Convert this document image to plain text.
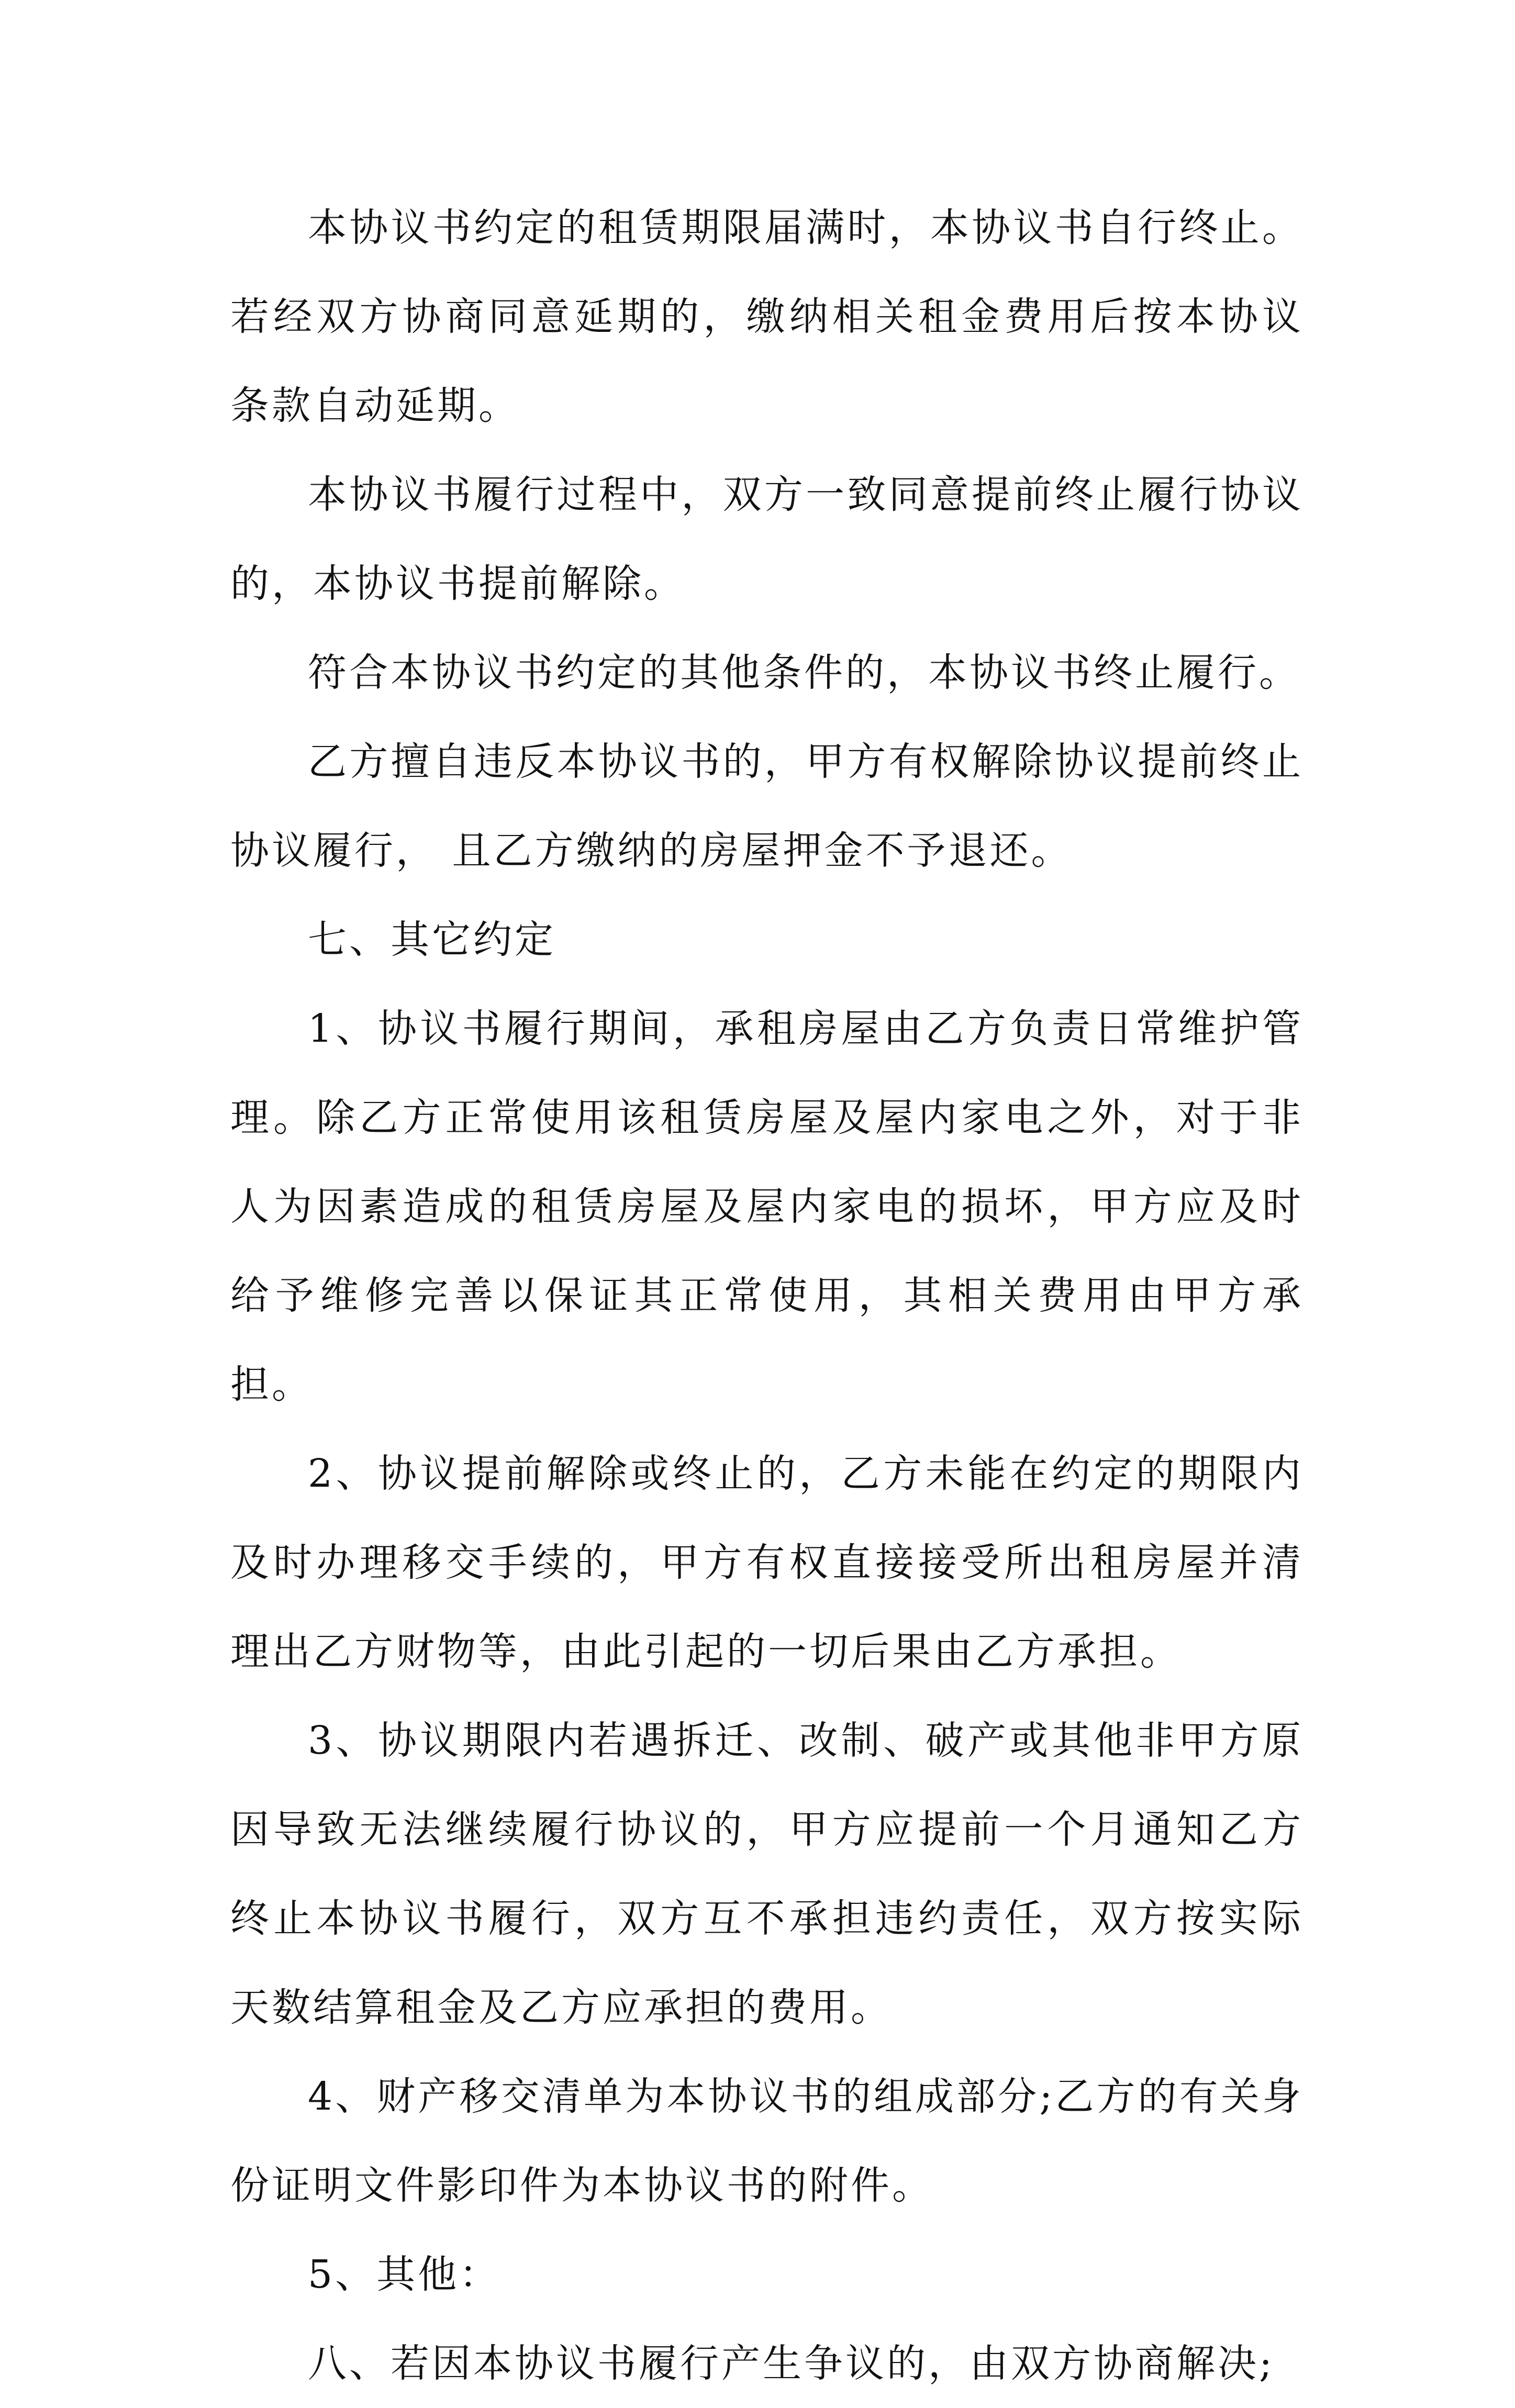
本协议书约定的租赁期限届满时，本协议书自行终止。若经双方协商同意延期的，缴纳相关租金费用后按本协议条款自动延期。

本协议书履行过程中，双方一致同意提前终止履行协议的，本协议书提前解除。

符合本协议书约定的其他条件的，本协议书终止履行。

乙方擅自违反本协议书的，甲方有权解除协议提前终止协议履行， 且乙方缴纳的房屋押金不予退还。

七、其它约定

1、协议书履行期间，承租房屋由乙方负责日常维护管理。除乙方正常使用该租赁房屋及屋内家电之外，对于非人为因素造成的租赁房屋及屋内家电的损坏，甲方应及时给予维修完善以保证其正常使用，其相关费用由甲方承担。

2、协议提前解除或终止的，乙方未能在约定的期限内及时办理移交手续的，甲方有权直接接受所出租房屋并清理出乙方财物等，由此引起的一切后果由乙方承担。

3、协议期限内若遇拆迁、改制、破产或其他非甲方原因导致无法继续履行协议的，甲方应提前一个月通知乙方终止本协议书履行，双方互不承担违约责任，双方按实际天数结算租金及乙方应承担的费用。

4、财产移交清单为本协议书的组成部分;乙方的有关身份证明文件影印件为本协议书的附件。

5、其他：

八、若因本协议书履行产生争议的，由双方协商解决;
